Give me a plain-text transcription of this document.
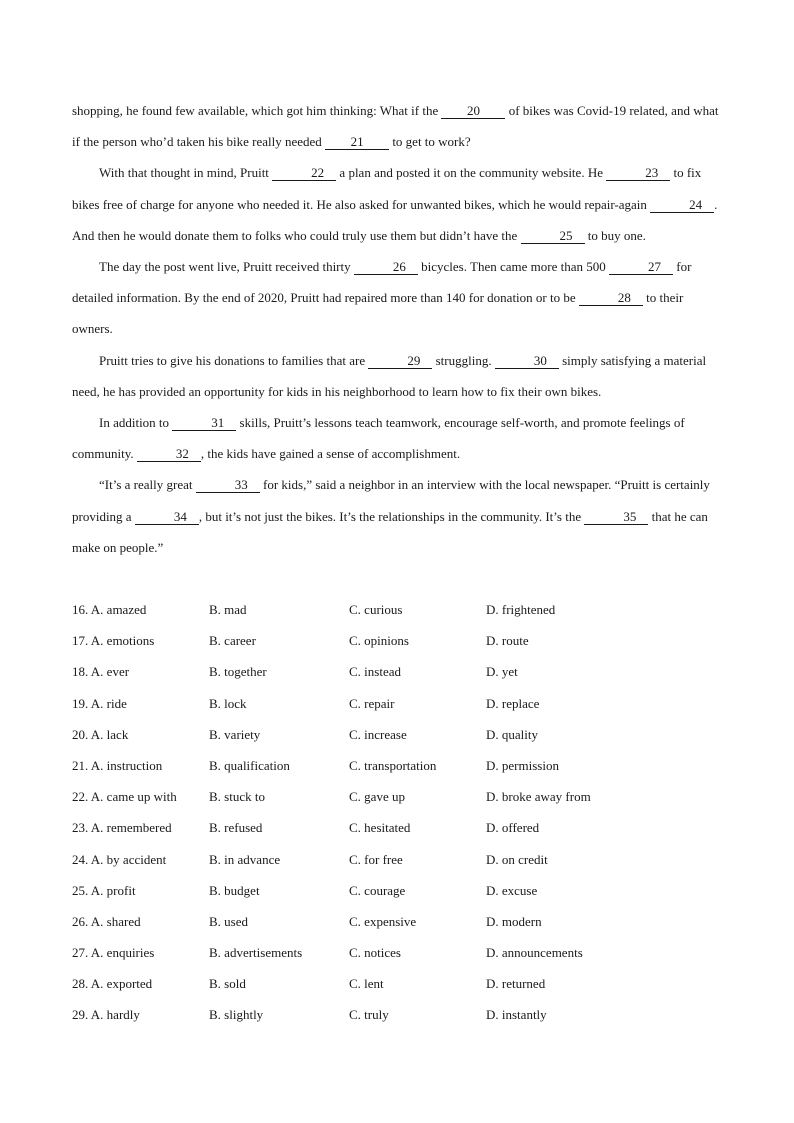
shopping, he found few available, which got him thinking: What if the 20 of bikes was Covid-19 related, and what if the person who’d taken his bike really needed 21 to get to work?

With that thought in mind, Pruitt	22 a plan and posted it on the community website. He	23 to fix bikes free of charge for anyone who needed it. He also asked for unwanted bikes, which he would repair-again	24 . And then he would donate them to folks who could truly use them but didn’t have the	25 to buy one.

The day the post went live, Pruitt received thirty	26 bicycles. Then came more than 500	27 for detailed information. By the end of 2020, Pruitt had repaired more than 140 for donation or to be	28 to their owners.

Pruitt tries to give his donations to families that are	29 struggling.	30 simply satisfying a material need, he has provided an opportunity for kids in his neighborhood to learn how to fix their own bikes.

In addition to	31 skills, Pruitt’s lessons teach teamwork, encourage self-worth, and promote feelings of community.	32 , the kids have gained a sense of accomplishment.

“It’s a really great	33 for kids,” said a neighbor in an interview with the local newspaper. “Pruitt is certainly providing a	34 , but it’s not just the bikes. It’s the relationships in the community. It’s the	35 that he can make on people.”

16. A. amazed	B. mad	C. curious	D. frightened
17. A. emotions	B. career	C. opinions	D. route
18. A. ever	B. together	C. instead	D. yet
19. A. ride	B. lock	C. repair	D. replace
20. A. lack	B. variety	C. increase	D. quality
21. A. instruction	B. qualification	C. transportation	D. permission
22. A. came up with B. stuck to	C. gave up	D. broke away from
23. A. remembered	B. refused	C. hesitated	D. offered
24. A. by accident	B. in advance	C. for free	D. on credit
25. A. profit	B. budget	C. courage	D. excuse
26. A. shared	B. used	C. expensive	D. modern
27. A. enquiries	B. advertisements	C. notices	D. announcements
28. A. exported	B. sold	C. lent	D. returned
29. A. hardly	B. slightly	C. truly	D. instantly
